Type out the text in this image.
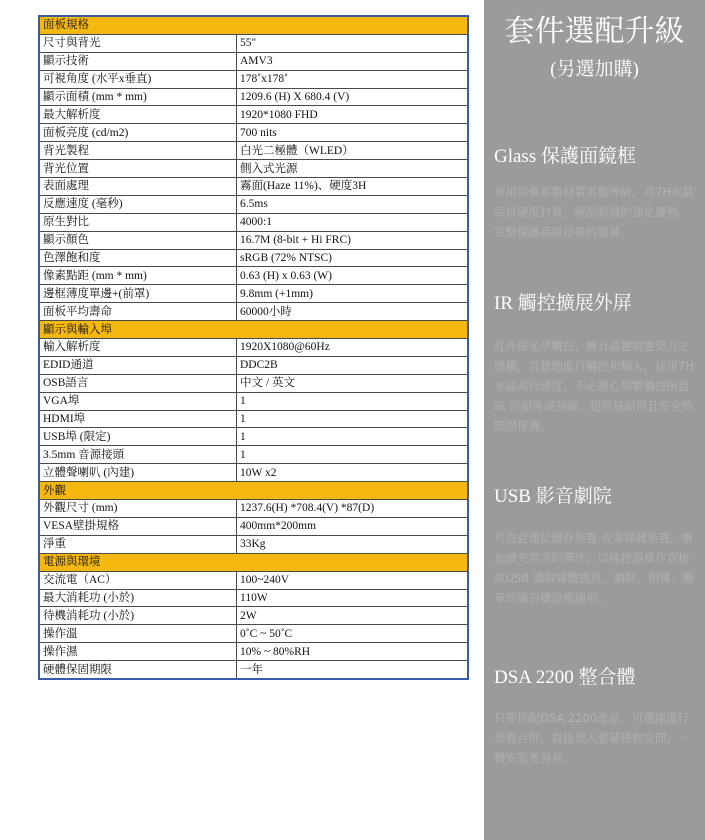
面板規格	
尺寸與背光	55"
顯示技術	AMV3
可視角度 (水平x垂直)	178˚x178˚
顯示面積 (mm * mm)	1209.6 (H) X 680.4 (V)
最大解析度	1920*1080 FHD
面板亮度 (cd/m2)	700 nits
背光製程	白光二極體（WLED）
背光位置	側入式光源
表面處理	霧面(Haze 11%)、硬度3H
反應速度 (毫秒)	6.5ms
原生對比	4000:1
顯示顏色	16.7M (8-bit + Hi FRC)
色澤飽和度	sRGB (72% NTSC)
像素點距 (mm * mm)	0.63 (H) x 0.63 (W)
邊框薄度單邊+(前罩)	9.8mm (+1mm)
面板平均壽命	60000小時
顯示與輸入埠	
輸入解析度	1920X1080@60Hz
EDID通道	DDC2B
OSB語言	中文 / 英文
VGA埠	1
HDMI埠	1
USB埠 (限定)	1
3.5mm 音源接頭	1
立體聲喇叭 (內建)	10W x2
外觀	
外觀尺寸 (mm)	1237.6(H) *708.4(V) *87(D)
VESA壁掛規格	400mm*200mm
淨重	33Kg
電源與環境	
交流電（AC）	100~240V
最大消耗功 (小於)	110W
待機消耗功 (小於)	2W
操作溫	0˚C ~ 50˚C
操作濕	10% ~ 80%RH
硬體保固期限	一年
套件選配升級
(另選加購)
Glass 保護面鏡框

車用防風系數材質系數等級，具7H水晶高抗硬度材質，耐刮耐撞的強化優勢，完整保護高級珍貴的螢幕。

IR 觸控擴展外屏

紅外線光學觸控，擁有高靈敏靈堅力之感觸，直覺地進行觸控和輸入，採用7H水晶高抗硬度，不必擔心頻繁觸控所造成 的損害或刮痕，提供最耐用且安全的堅固保護。

USB 影音劇院

可恣意連結儲存裝置 或多媒體裝置，增加擴充需求的彈性，以搖控器操作直接做USB 讀取媒體播放，劇院、相簿、簡單的廣告播放都適用。

DSA 2200 整合體

只要搭配DSA 2200產品，可選擇進行裝置合併，直接崁入螢幕後框空間，一機安裝更容易。
